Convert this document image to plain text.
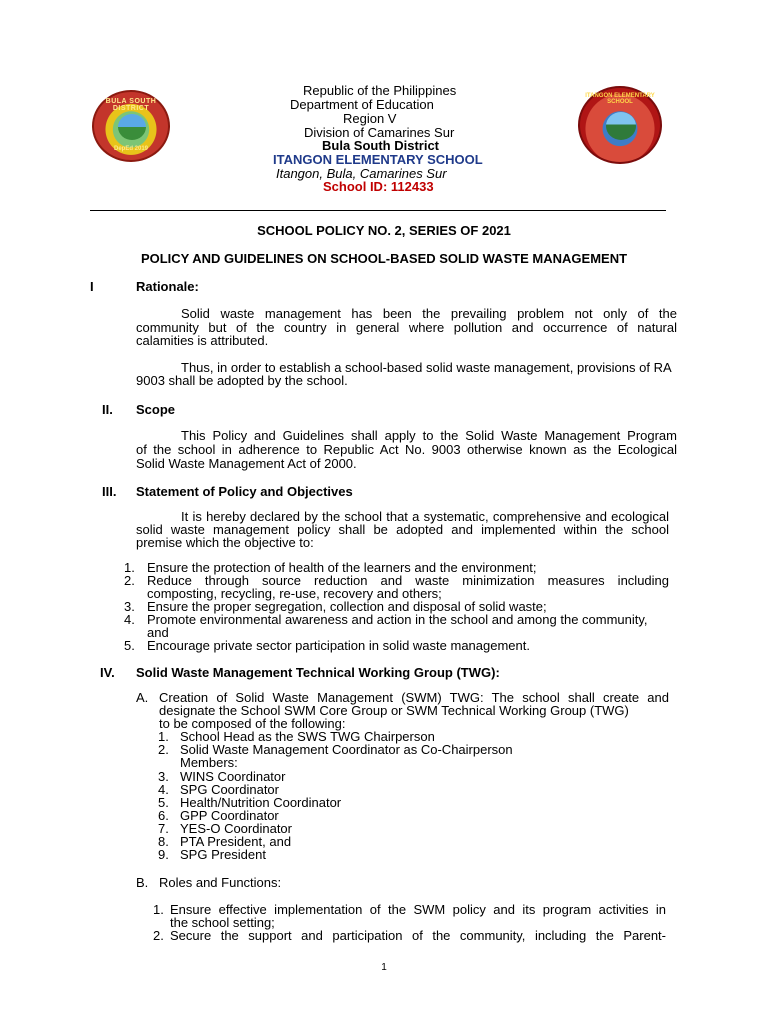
BULA SOUTH DISTRICT
DepEd 2019
ITANGON ELEMENTARY SCHOOL
Republic of the Philippines
Department of Education
Region V
Division of Camarines Sur
Bula South District
ITANGON ELEMENTARY SCHOOL
Itangon, Bula, Camarines Sur
School ID: 112433
SCHOOL POLICY NO. 2, SERIES OF 2021
POLICY AND GUIDELINES ON SCHOOL-BASED SOLID WASTE MANAGEMENT
I	Rationale:
Solid waste management has been the prevailing problem not only of the
community but of the country in general where pollution and occurrence of natural
calamities is attributed.
Thus, in order to establish a school-based solid waste management, provisions of RA
9003 shall be adopted by the school.
II. Scope
This Policy and Guidelines shall apply to the Solid Waste Management Program
of the school in adherence to Republic Act No. 9003 otherwise known as the Ecological
Solid Waste Management Act of 2000.
III. Statement of Policy and Objectives
It is hereby declared by the school that a systematic, comprehensive and ecological
solid waste management policy shall be adopted and implemented within the school
premise which the objective to:
1. Ensure the protection of health of the learners and the environment;
2. Reduce through source reduction and waste minimization measures including
composting, recycling, re-use, recovery and others;
3. Ensure the proper segregation, collection and disposal of solid waste;
4. Promote environmental awareness and action in the school and among the community,
and
5. Encourage private sector participation in solid waste management.
IV. Solid Waste Management Technical Working Group (TWG):
A. Creation of Solid Waste Management (SWM) TWG: The school shall create and
designate the School SWM Core Group or SWM Technical Working Group (TWG)
to be composed of the following:
1. School Head as the SWS TWG Chairperson
2. Solid Waste Management Coordinator as Co-Chairperson
Members:
3. WINS Coordinator
4. SPG Coordinator
5. Health/Nutrition Coordinator
6. GPP Coordinator
7. YES-O Coordinator
8. PTA President, and
9. SPG President
B. Roles and Functions:
1. Ensure effective implementation of the SWM policy and its program activities in
the school setting;
2. Secure the support and participation of the community, including the Parent-
1
